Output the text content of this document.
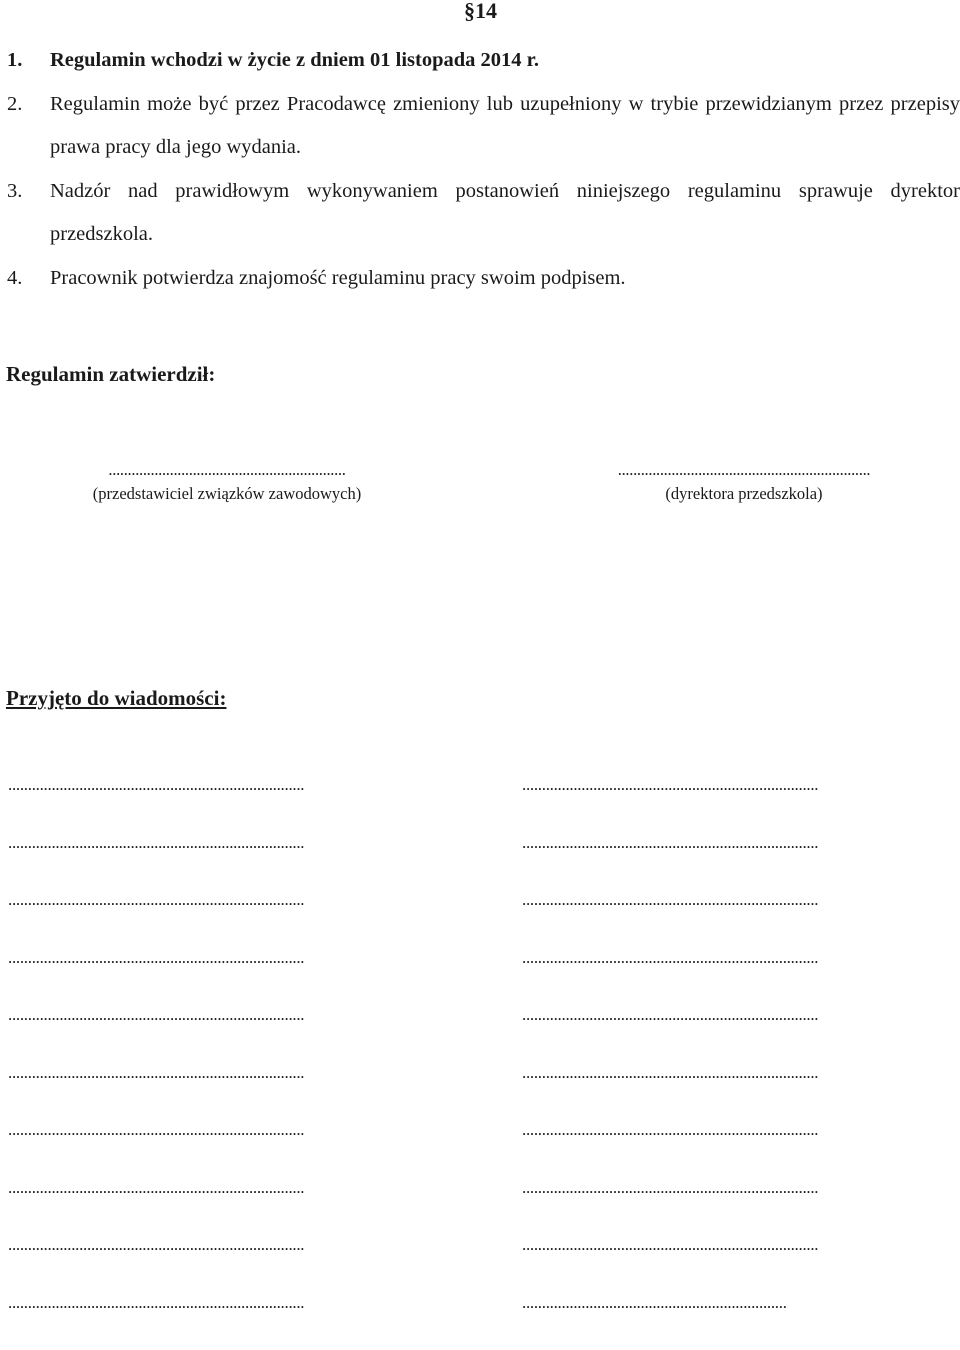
§14
1. Regulamin wchodzi w życie z dniem 01 listopada 2014 r.
2. Regulamin może być przez Pracodawcę zmieniony lub uzupełniony w trybie przewidzianym przez przepisy prawa pracy dla jego wydania.
3. Nadzór nad prawidłowym wykonywaniem postanowień niniejszego regulaminu sprawuje dyrektor przedszkola.
4. Pracownik potwierdza znajomość regulaminu pracy swoim podpisem.
Regulamin zatwierdził:
..............................................................
(przedstawiciel związków zawodowych)
..................................................................
(dyrektora przedszkola)
Przyjęto do wiadomości:
...........................................................................	...........................................................................
...........................................................................	...........................................................................
...........................................................................	...........................................................................
...........................................................................	...........................................................................
...........................................................................	...........................................................................
...........................................................................	...........................................................................
...........................................................................	...........................................................................
...........................................................................	...........................................................................
...........................................................................	...........................................................................
...........................................................................	...................................................................
